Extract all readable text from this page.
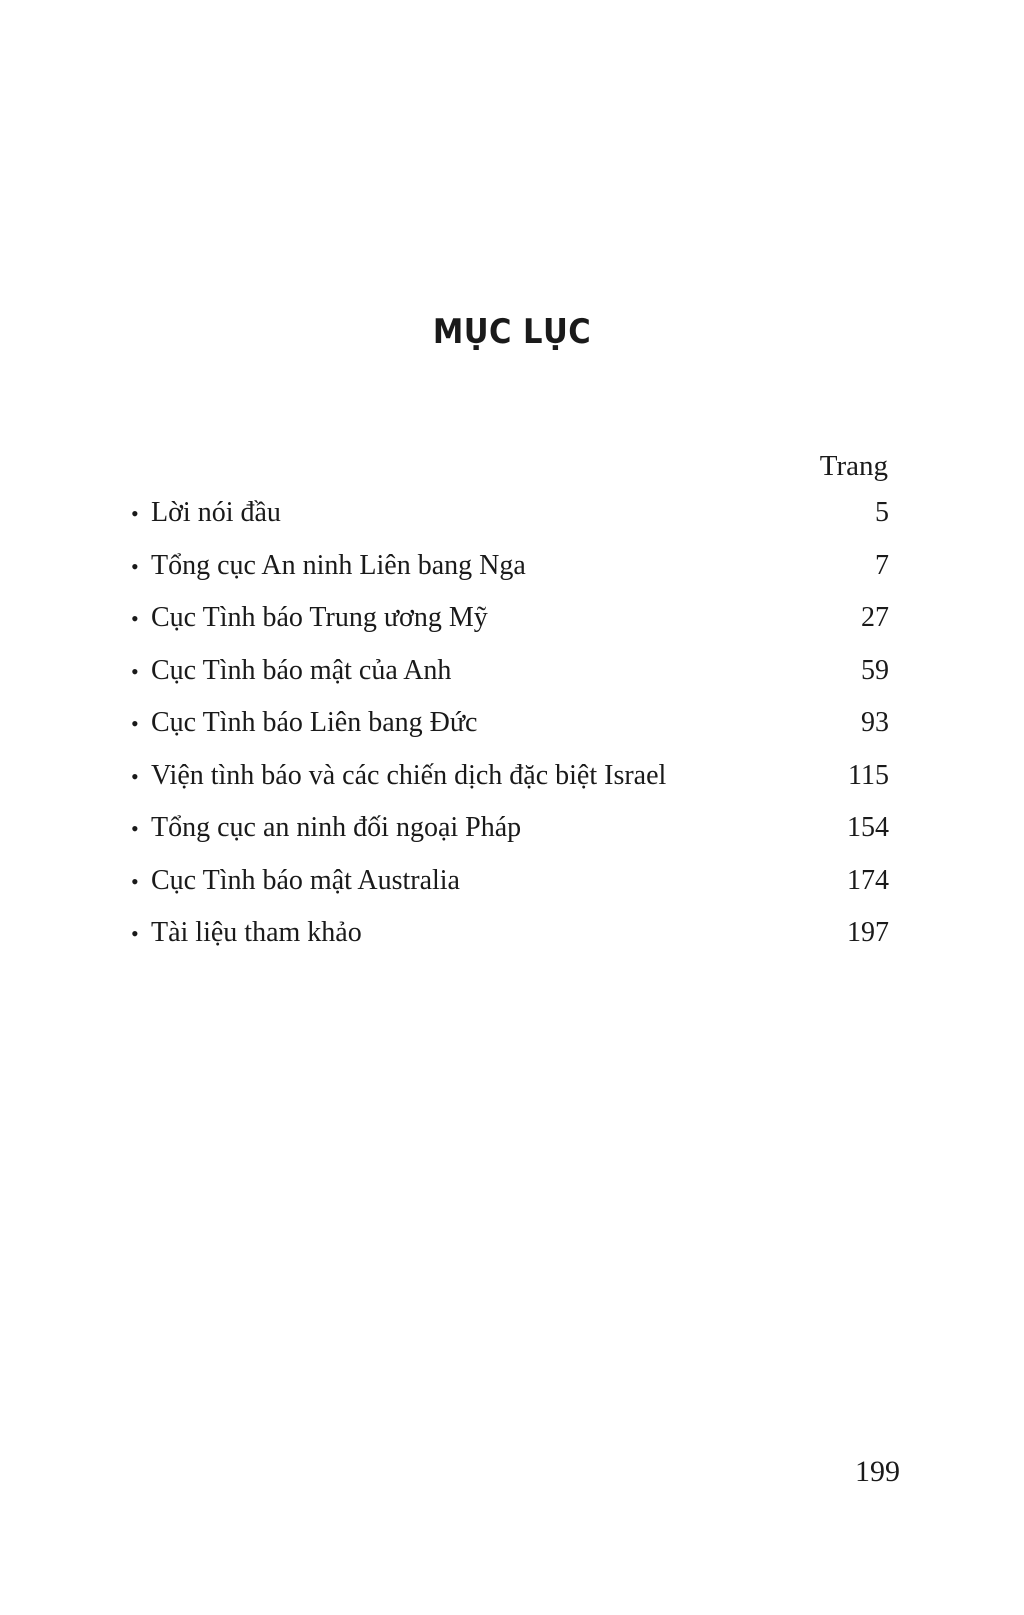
MỤC LỤC
Trang
• Lời nói đầu	5
• Tổng cục An ninh Liên bang Nga	7
• Cục Tình báo Trung ương Mỹ	27
• Cục Tình báo mật của Anh	59
• Cục Tình báo Liên bang Đức	93
• Viện tình báo và các chiến dịch đặc biệt Israel	115
• Tổng cục an ninh đối ngoại Pháp	154
• Cục Tình báo mật Australia	174
• Tài liệu tham khảo	197
199
